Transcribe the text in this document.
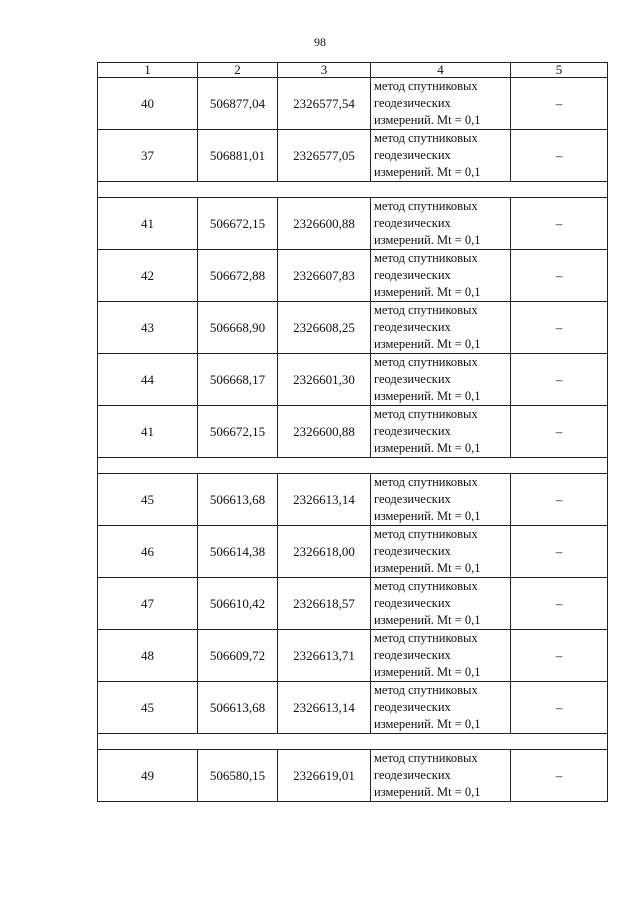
98
1	2	3	4	5
40	506877,04	2326577,54	метод спутниковых
геодезических
измерений. Mt = 0,1	–
37	506881,01	2326577,05	метод спутниковых
геодезических
измерений. Mt = 0,1	–

41	506672,15	2326600,88	метод спутниковых
геодезических
измерений. Mt = 0,1	–
42	506672,88	2326607,83	метод спутниковых
геодезических
измерений. Mt = 0,1	–
43	506668,90	2326608,25	метод спутниковых
геодезических
измерений. Mt = 0,1	–
44	506668,17	2326601,30	метод спутниковых
геодезических
измерений. Mt = 0,1	–
41	506672,15	2326600,88	метод спутниковых
геодезических
измерений. Mt = 0,1	–

45	506613,68	2326613,14	метод спутниковых
геодезических
измерений. Mt = 0,1	–
46	506614,38	2326618,00	метод спутниковых
геодезических
измерений. Mt = 0,1	–
47	506610,42	2326618,57	метод спутниковых
геодезических
измерений. Mt = 0,1	–
48	506609,72	2326613,71	метод спутниковых
геодезических
измерений. Mt = 0,1	–
45	506613,68	2326613,14	метод спутниковых
геодезических
измерений. Mt = 0,1	–

49	506580,15	2326619,01	метод спутниковых
геодезических
измерений. Mt = 0,1	–
